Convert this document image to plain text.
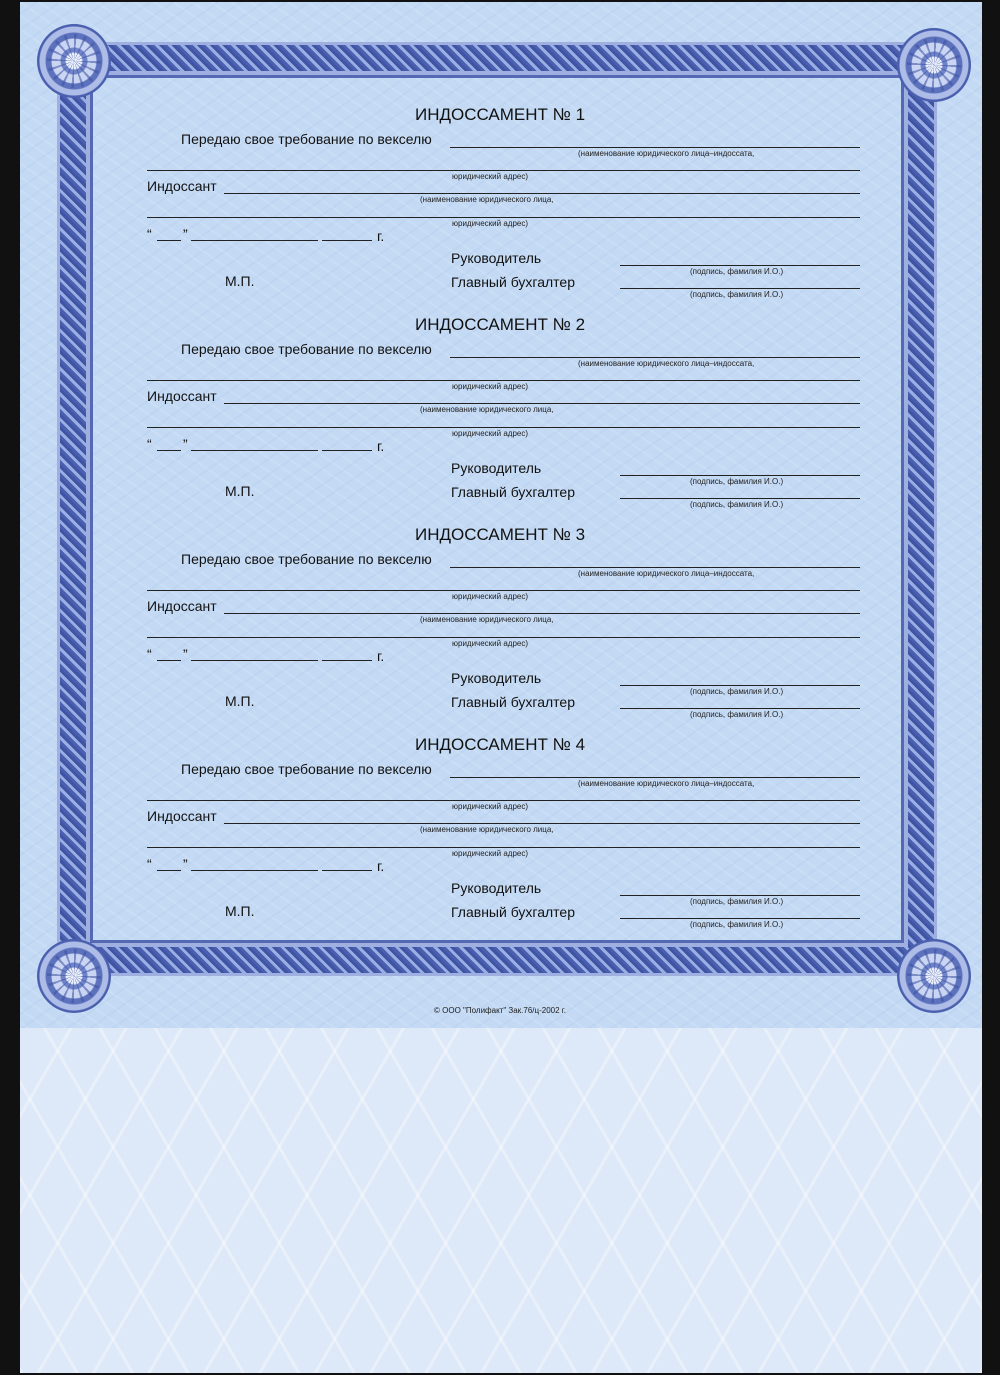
ИНДОССАМЕНТ № 1
Передаю свое требование по векселю
(наименование юридического лица–индоссата,
юридический адрес)
Индоссант
(наименование юридического лица,
юридический адрес)
“ ”	г.
Руководитель
(подпись, фамилия И.О.)
М.П.	Главный бухгалтер
(подпись, фамилия И.О.)
ИНДОССАМЕНТ № 2
Передаю свое требование по векселю
(наименование юридического лица–индоссата,
юридический адрес)
Индоссант
(наименование юридического лица,
юридический адрес)
“ ”	г.
Руководитель
(подпись, фамилия И.О.)
М.П.	Главный бухгалтер
(подпись, фамилия И.О.)
ИНДОССАМЕНТ № 3
Передаю свое требование по векселю
(наименование юридического лица–индоссата,
юридический адрес)
Индоссант
(наименование юридического лица,
юридический адрес)
“ ”	г.
Руководитель
(подпись, фамилия И.О.)
М.П.	Главный бухгалтер
(подпись, фамилия И.О.)
ИНДОССАМЕНТ № 4
Передаю свое требование по векселю
(наименование юридического лица–индоссата,
юридический адрес)
Индоссант
(наименование юридического лица,
юридический адрес)
“ ”	г.
Руководитель
(подпись, фамилия И.О.)
М.П.	Главный бухгалтер
(подпись, фамилия И.О.)
© ООО "Полифакт" Зак.76/ц-2002 г.
